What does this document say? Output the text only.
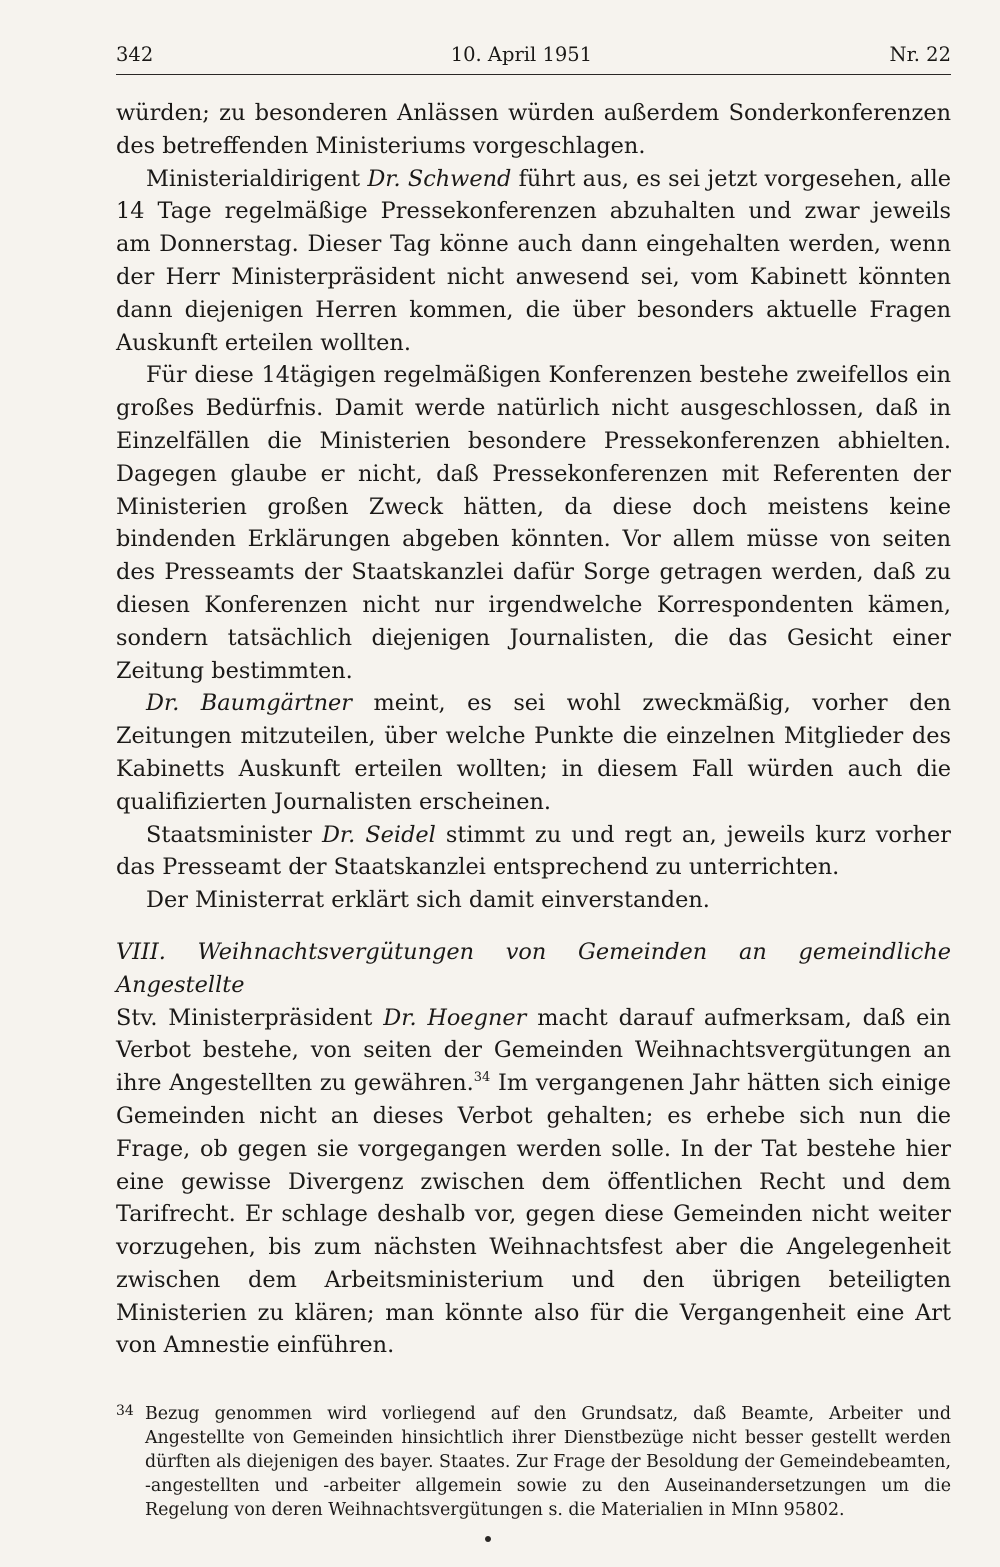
342	10. April 1951	Nr. 22

würden; zu besonderen Anlässen würden außerdem Sonderkonferenzen des betreffenden Ministeriums vorgeschlagen.

Ministerialdirigent Dr. Schwend führt aus, es sei jetzt vorgesehen, alle 14 Tage regelmäßige Pressekonferenzen abzuhalten und zwar jeweils am Donnerstag. Dieser Tag könne auch dann eingehalten werden, wenn der Herr Ministerpräsident nicht anwesend sei, vom Kabinett könnten dann diejenigen Herren kommen, die über besonders aktuelle Fragen Auskunft erteilen wollten.

Für diese 14tägigen regelmäßigen Konferenzen bestehe zweifellos ein großes Bedürfnis. Damit werde natürlich nicht ausgeschlossen, daß in Einzelfällen die Ministerien besondere Pressekonferenzen abhielten. Dagegen glaube er nicht, daß Pressekonferenzen mit Referenten der Ministerien großen Zweck hätten, da diese doch meistens keine bindenden Erklärungen abgeben könnten. Vor allem müsse von seiten des Presseamts der Staatskanzlei dafür Sorge getragen werden, daß zu diesen Konferenzen nicht nur irgendwelche Korrespondenten kämen, sondern tatsächlich diejenigen Journalisten, die das Gesicht einer Zeitung bestimmten.

Dr. Baumgärtner meint, es sei wohl zweckmäßig, vorher den Zeitungen mitzuteilen, über welche Punkte die einzelnen Mitglieder des Kabinetts Auskunft erteilen wollten; in diesem Fall würden auch die qualifizierten Journalisten erscheinen.

Staatsminister Dr. Seidel stimmt zu und regt an, jeweils kurz vorher das Presseamt der Staatskanzlei entsprechend zu unterrichten.

Der Ministerrat erklärt sich damit einverstanden.

VIII. Weihnachtsvergütungen von Gemeinden an gemeindliche Angestellte

Stv. Ministerpräsident Dr. Hoegner macht darauf aufmerksam, daß ein Verbot bestehe, von seiten der Gemeinden Weihnachtsvergütungen an ihre Angestellten zu gewähren.$^{34}$ Im vergangenen Jahr hätten sich einige Gemeinden nicht an dieses Verbot gehalten; es erhebe sich nun die Frage, ob gegen sie vorgegangen werden solle. In der Tat bestehe hier eine gewisse Divergenz zwischen dem öffentlichen Recht und dem Tarifrecht. Er schlage deshalb vor, gegen diese Gemeinden nicht weiter vorzugehen, bis zum nächsten Weihnachtsfest aber die Angelegenheit zwischen dem Arbeitsministerium und den übrigen beteiligten Ministerien zu klären; man könnte also für die Vergangenheit eine Art von Amnestie einführen.

34 Bezug genommen wird vorliegend auf den Grundsatz, daß Beamte, Arbeiter und Angestellte von Gemeinden hinsichtlich ihrer Dienstbezüge nicht besser gestellt werden dürften als diejenigen des bayer. Staates. Zur Frage der Besoldung der Gemeindebeamten, -angestellten und -arbeiter allgemein sowie zu den Auseinandersetzungen um die Regelung von deren Weihnachtsvergütungen s. die Materialien in MInn 95802.
